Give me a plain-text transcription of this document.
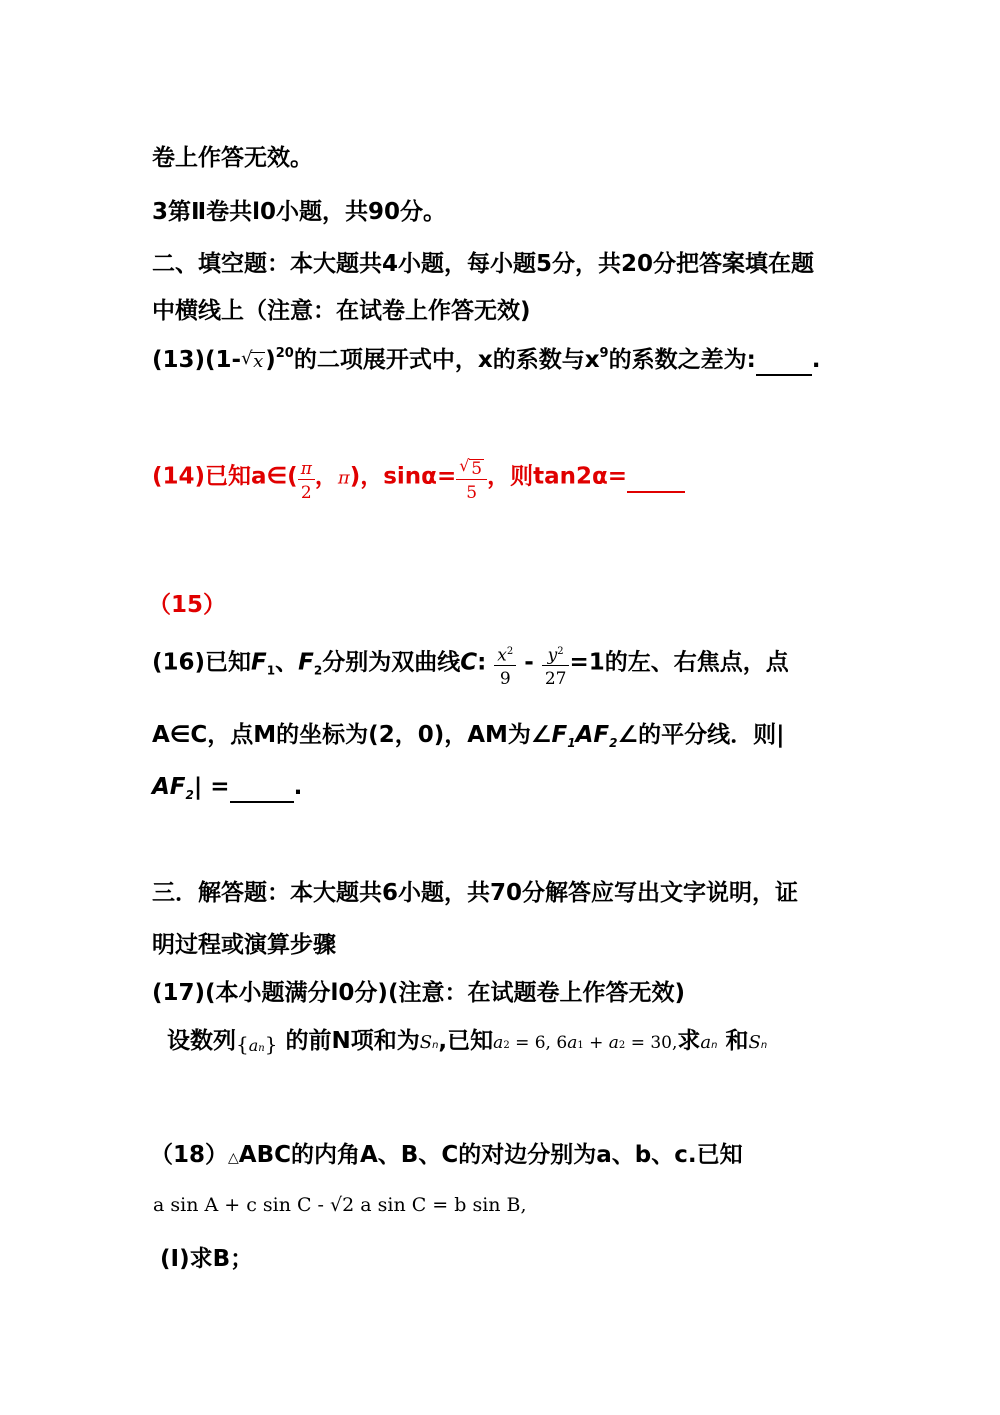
卷上作答无效。
3第Ⅱ卷共l0小题，共90分。
二、填空题：本大题共4小题，每小题5分，共20分把答案填在题
中横线上（注意：在试卷上作答无效)
(13)(1- √ x)$^{20}$的二项展开式中，x的系数与$x^9$的系数之差为: .
(14)已知a∈( $\frac{\pi}{2}$ ，π)，$\sin\alpha= \frac{√ 5}{5}$ ，则tan2α=
（15）
(16)已知$F_1$、$F_2$分别为双曲线C: $\frac{x^2}{9} - \frac{y^2}{27} =1$的左、右焦点，点
A∈C，点M的坐标为(2，0)，AM为$\angle F_1AF_2\angle$的平分线．则|
$AF_2|$ =	.
三．解答题：本大题共6小题，共70分解答应写出文字说明，证
明过程或演算步骤
(17)(本小题满分l0分)(注意：在试题卷上作答无效)
设数列{an} 的前N项和为Sn,已知a2 = 6, 6a1 + a2 = 30,求an 和Sn
（18）△ABC的内角A、B、C的对边分别为a、b、c.已知
a sin A + c sin C - √2 a sin C = b sin B,
(I)求B；
